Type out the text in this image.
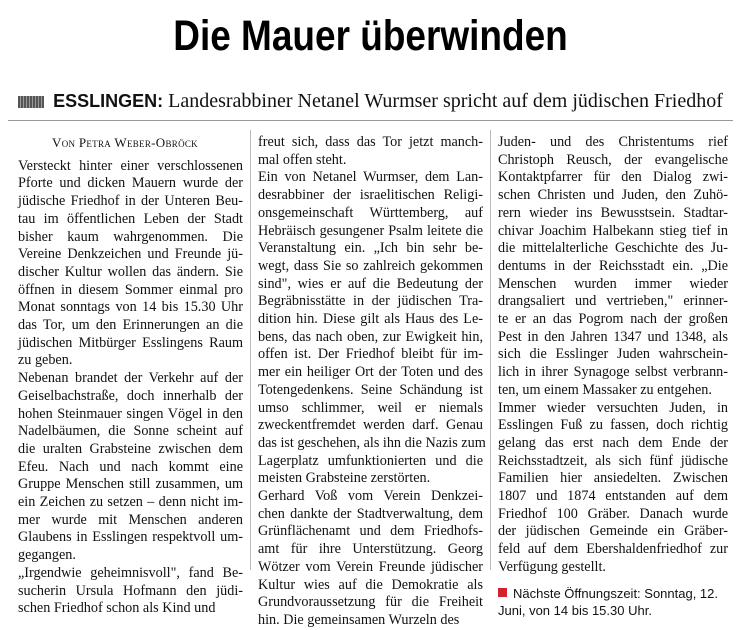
Die Mauer überwinden
ESSLINGEN: Landesrabbiner Netanel Wurmser spricht auf dem jüdischen Friedhof
Von Petra Weber-Obröck
Versteckt hinter einer verschlossenen
Pforte und dicken Mauern wurde der
jüdische Friedhof in der Unteren Beu-
tau im öffentlichen Leben der Stadt
bisher kaum wahrgenommen. Die
Vereine Denkzeichen und Freunde jü-
discher Kultur wollen das ändern. Sie
öffnen in diesem Sommer einmal pro
Monat sonntags von 14 bis 15.30 Uhr
das Tor, um den Erinnerungen an die
jüdischen Mitbürger Esslingens Raum
zu geben.
Nebenan brandet der Verkehr auf der
Geiselbachstraße, doch innerhalb der
hohen Steinmauer singen Vögel in den
Nadelbäumen, die Sonne scheint auf
die uralten Grabsteine zwischen dem
Efeu. Nach und nach kommt eine
Gruppe Menschen still zusammen, um
ein Zeichen zu setzen – denn nicht im-
mer wurde mit Menschen anderen
Glaubens in Esslingen respektvoll um-
gegangen.
„Irgendwie geheimnisvoll", fand Be-
sucherin Ursula Hofmann den jüdi-
schen Friedhof schon als Kind und
freut sich, dass das Tor jetzt manch-
mal offen steht.
Ein von Netanel Wurmser, dem Lan-
desrabbiner der israelitischen Religi-
onsgemeinschaft Württemberg, auf
Hebräisch gesungener Psalm leitete die
Veranstaltung ein. „Ich bin sehr be-
wegt, dass Sie so zahlreich gekommen
sind", wies er auf die Bedeutung der
Begräbnisstätte in der jüdischen Tra-
dition hin. Diese gilt als Haus des Le-
bens, das nach oben, zur Ewigkeit hin,
offen ist. Der Friedhof bleibt für im-
mer ein heiliger Ort der Toten und des
Totengedenkens. Seine Schändung ist
umso schlimmer, weil er niemals
zweckentfremdet werden darf. Genau
das ist geschehen, als ihn die Nazis zum
Lagerplatz umfunktionierten und die
meisten Grabsteine zerstörten.
Gerhard Voß vom Verein Denkzei-
chen dankte der Stadtverwaltung, dem
Grünflächenamt und dem Friedhofs-
amt für ihre Unterstützung. Georg
Wötzer vom Verein Freunde jüdischer
Kultur wies auf die Demokratie als
Grundvoraussetzung für die Freiheit
hin. Die gemeinsamen Wurzeln des
Juden- und des Christentums rief
Christoph Reusch, der evangelische
Kontaktpfarrer für den Dialog zwi-
schen Christen und Juden, den Zuhö-
rern wieder ins Bewusstsein. Stadtar-
chivar Joachim Halbekann stieg tief in
die mittelalterliche Geschichte des Ju-
dentums in der Reichsstadt ein. „Die
Menschen wurden immer wieder
drangsaliert und vertrieben," erinner-
te er an das Pogrom nach der großen
Pest in den Jahren 1347 und 1348, als
sich die Esslinger Juden wahrschein-
lich in ihrer Synagoge selbst verbrann-
ten, um einem Massaker zu entgehen.
Immer wieder versuchten Juden, in
Esslingen Fuß zu fassen, doch richtig
gelang das erst nach dem Ende der
Reichsstadtzeit, als sich fünf jüdische
Familien hier ansiedelten. Zwischen
1807 und 1874 entstanden auf dem
Friedhof 100 Gräber. Danach wurde
der jüdischen Gemeinde ein Gräber-
feld auf dem Ebershaldenfriedhof zur
Verfügung gestellt.
Nächste Öffnungszeit: Sonntag, 12.
Juni, von 14 bis 15.30 Uhr.
